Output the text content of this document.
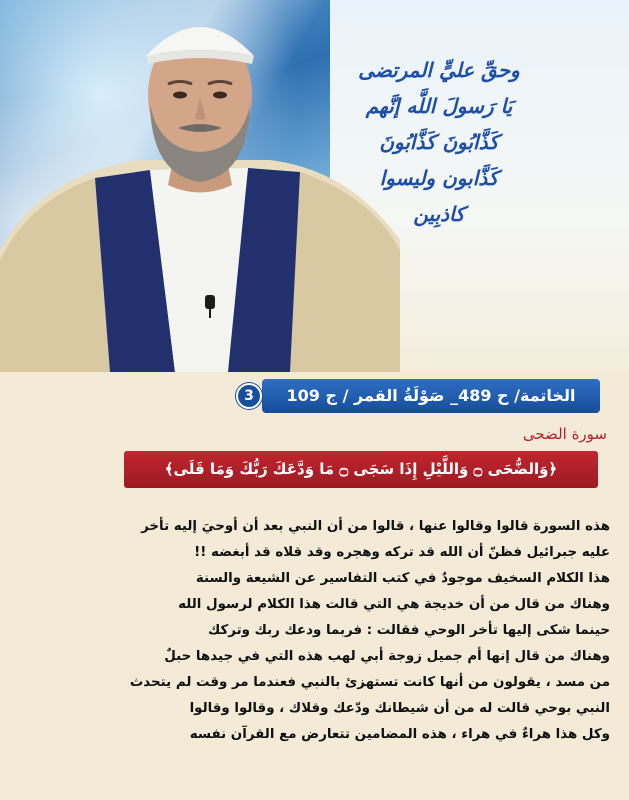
وحقِّ عليٍّ المرتضى
يَا رَسولَ اللَّه إنَّهم
كَذَّابُونَ كَذَّابُونَ
كَذَّابون وليسوا
كاذبِين
الخاتمة/ ح 489_ صَوْلَةُ القمر / ج 109
3
سورة الضحى
﴿وَالضُّحَى ۝ وَاللَّيْلِ إِذَا سَجَى ۝ مَا وَدَّعَكَ رَبُّكَ وَمَا قَلَى﴾

هذه السورة قالوا وقالوا عنها ، قالوا من أن النبي بعد أن أوحيَ إليه تأخر

عليه جبرائيل فظنّ أن الله قد تركه وهجره وقد قلاه قد أبغضه !!

هذا الكلام السخيف موجودٌ في كتب التفاسير عن الشيعة والسنة

وهناك من قال من أن خديجة هي التي قالت هذا الكلام لرسول الله

حينما شكى إليها تأخر الوحي فقالت : فربما ودعك ربك وتركك

وهناك من قال إنها أم جميل زوجة أبي لهب هذه التي في جيدها حبلٌ

من مسد ، يقولون من أنها كانت تستهزئ بالنبي فعندما مر وقت لم يتحدث

النبي بوحي قالت له من أن شيطانك ودّعك وقلاك ، وقالوا وقالوا

وكل هذا هراءٌ في هراء ، هذه المضامين تتعارض مع القرآن نفسه
